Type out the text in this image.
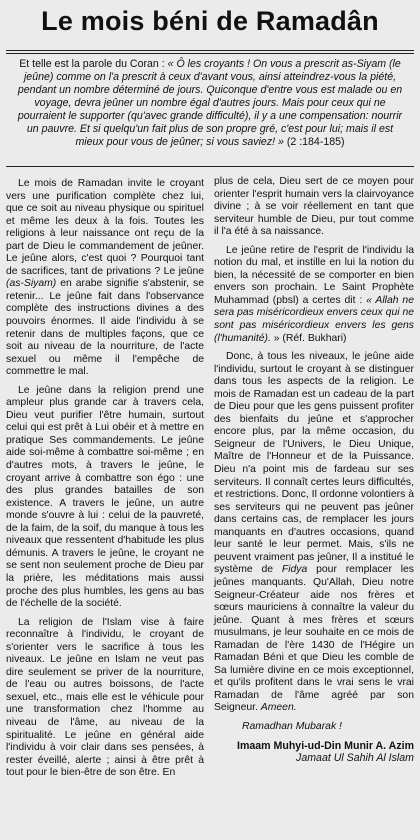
Le mois béni de Ramadân
Et telle est la parole du Coran : « Ô les croyants ! On vous a prescrit as-Siyam (le jeûne) comme on l'a prescrit à ceux d'avant vous, ainsi atteindrez-vous la piété, pendant un nombre déterminé de jours. Quiconque d'entre vous est malade ou en voyage, devra jeûner un nombre égal d'autres jours. Mais pour ceux qui ne pourraient le supporter (qu'avec grande difficulté), il y a une compensation: nourrir un pauvre. Et si quelqu'un fait plus de son propre gré, c'est pour lui; mais il est mieux pour vous de jeûner; si vous saviez! » (2 :184-185)

Le mois de Ramadan invite le croyant vers une purification complète chez lui, que ce soit au niveau physique ou spirituel et même les deux à la fois. Toutes les religions à leur naissance ont reçu de la part de Dieu le commandement de jeûner. Le jeûne alors, c'est quoi ? Pourquoi tant de sacrifices, tant de privations ? Le jeûne (as-Siyam) en arabe signifie s'abstenir, se retenir... Le jeûne fait dans l'observance complète des instructions divines a des pouvoirs énormes. Il aide l'individu à se retenir dans de multiples façons, que ce soit au niveau de la nourriture, de l'acte sexuel ou même il l'empêche de commettre le mal.

Le jeûne dans la religion prend une ampleur plus grande car à travers cela, Dieu veut purifier l'être humain, surtout celui qui est prêt à Lui obéir et à mettre en pratique Ses commandements. Le jeûne aide soi-même à combattre soi-même ; en d'autres mots, à travers le jeûne, le croyant arrive à combattre son égo : une des plus grandes batailles de son existence. A travers le jeûne, un autre monde s'ouvre à lui : celui de la pauvreté, de la faim, de la soif, du manque à tous les niveaux que ressentent d'habitude les plus démunis. A travers le jeûne, le croyant ne se sent non seulement proche de Dieu par la prière, les méditations mais aussi proche des plus humbles, les gens au bas de l'échelle de la société.

La religion de l'Islam vise à faire reconnaître à l'individu, le croyant de s'orienter vers le sacrifice à tous les niveaux. Le jeûne en Islam ne veut pas dire seulement se priver de la nourriture, de l'eau ou autres boissons, de l'acte sexuel, etc., mais elle est le véhicule pour une transformation chez l'homme au niveau de l'âme, au niveau de la spiritualité. Le jeûne en général aide l'individu à voir clair dans ses pensées, à rester éveillé, alerte ; ainsi à être prêt à tout pour le bien-être de son être. En

plus de cela, Dieu sert de ce moyen pour orienter l'esprit humain vers la clairvoyance divine ; à se voir réellement en tant que serviteur humble de Dieu, pur tout comme il l'a été à sa naissance.

Le jeûne retire de l'esprit de l'individu la notion du mal, et instille en lui la notion du bien, la nécessité de se comporter en bien envers son prochain. Le Saint Prophète Muhammad (pbsl) a certes dit : « Allah ne sera pas miséricordieux envers ceux qui ne sont pas miséricordieux envers les gens (l'humanité). » (Réf. Bukhari)

Donc, à tous les niveaux, le jeûne aide l'individu, surtout le croyant à se distinguer dans tous les aspects de la religion. Le mois de Ramadan est un cadeau de la part de Dieu pour que les gens puissent profiter des bienfaits du jeûne et s'approcher encore plus, par la même occasion, du Seigneur de l'Univers, le Dieu Unique, Maître de l'Honneur et de la Puissance. Dieu n'a point mis de fardeau sur ses serviteurs. Il connaît certes leurs difficultés, et restrictions. Donc, Il ordonne volontiers à ses serviteurs qui ne peuvent pas jeûner dans certains cas, de remplacer les jours manquants en d'autres occasions, quand leur santé le leur permet. Mais, s'ils ne peuvent vraiment pas jeûner, Il a institué le système de Fidya pour remplacer les jeûnes manquants. Qu'Allah, Dieu notre Seigneur-Créateur aide nos frères et sœurs mauriciens à connaître la valeur du jeûne. Quant à mes frères et sœurs musulmans, je leur souhaite en ce mois de Ramadan de l'ère 1430 de l'Hégire un Ramadan Béni et que Dieu les comble de Sa lumière divine en ce mois exceptionnel, et qu'ils profitent dans le vrai sens le vrai Ramadan de l'âme agréé par son Seigneur. Ameen.

Ramadhan Mubarak !

Imaam Muhyi-ud-Din Munir A. Azim
Jamaat Ul Sahih Al Islam
